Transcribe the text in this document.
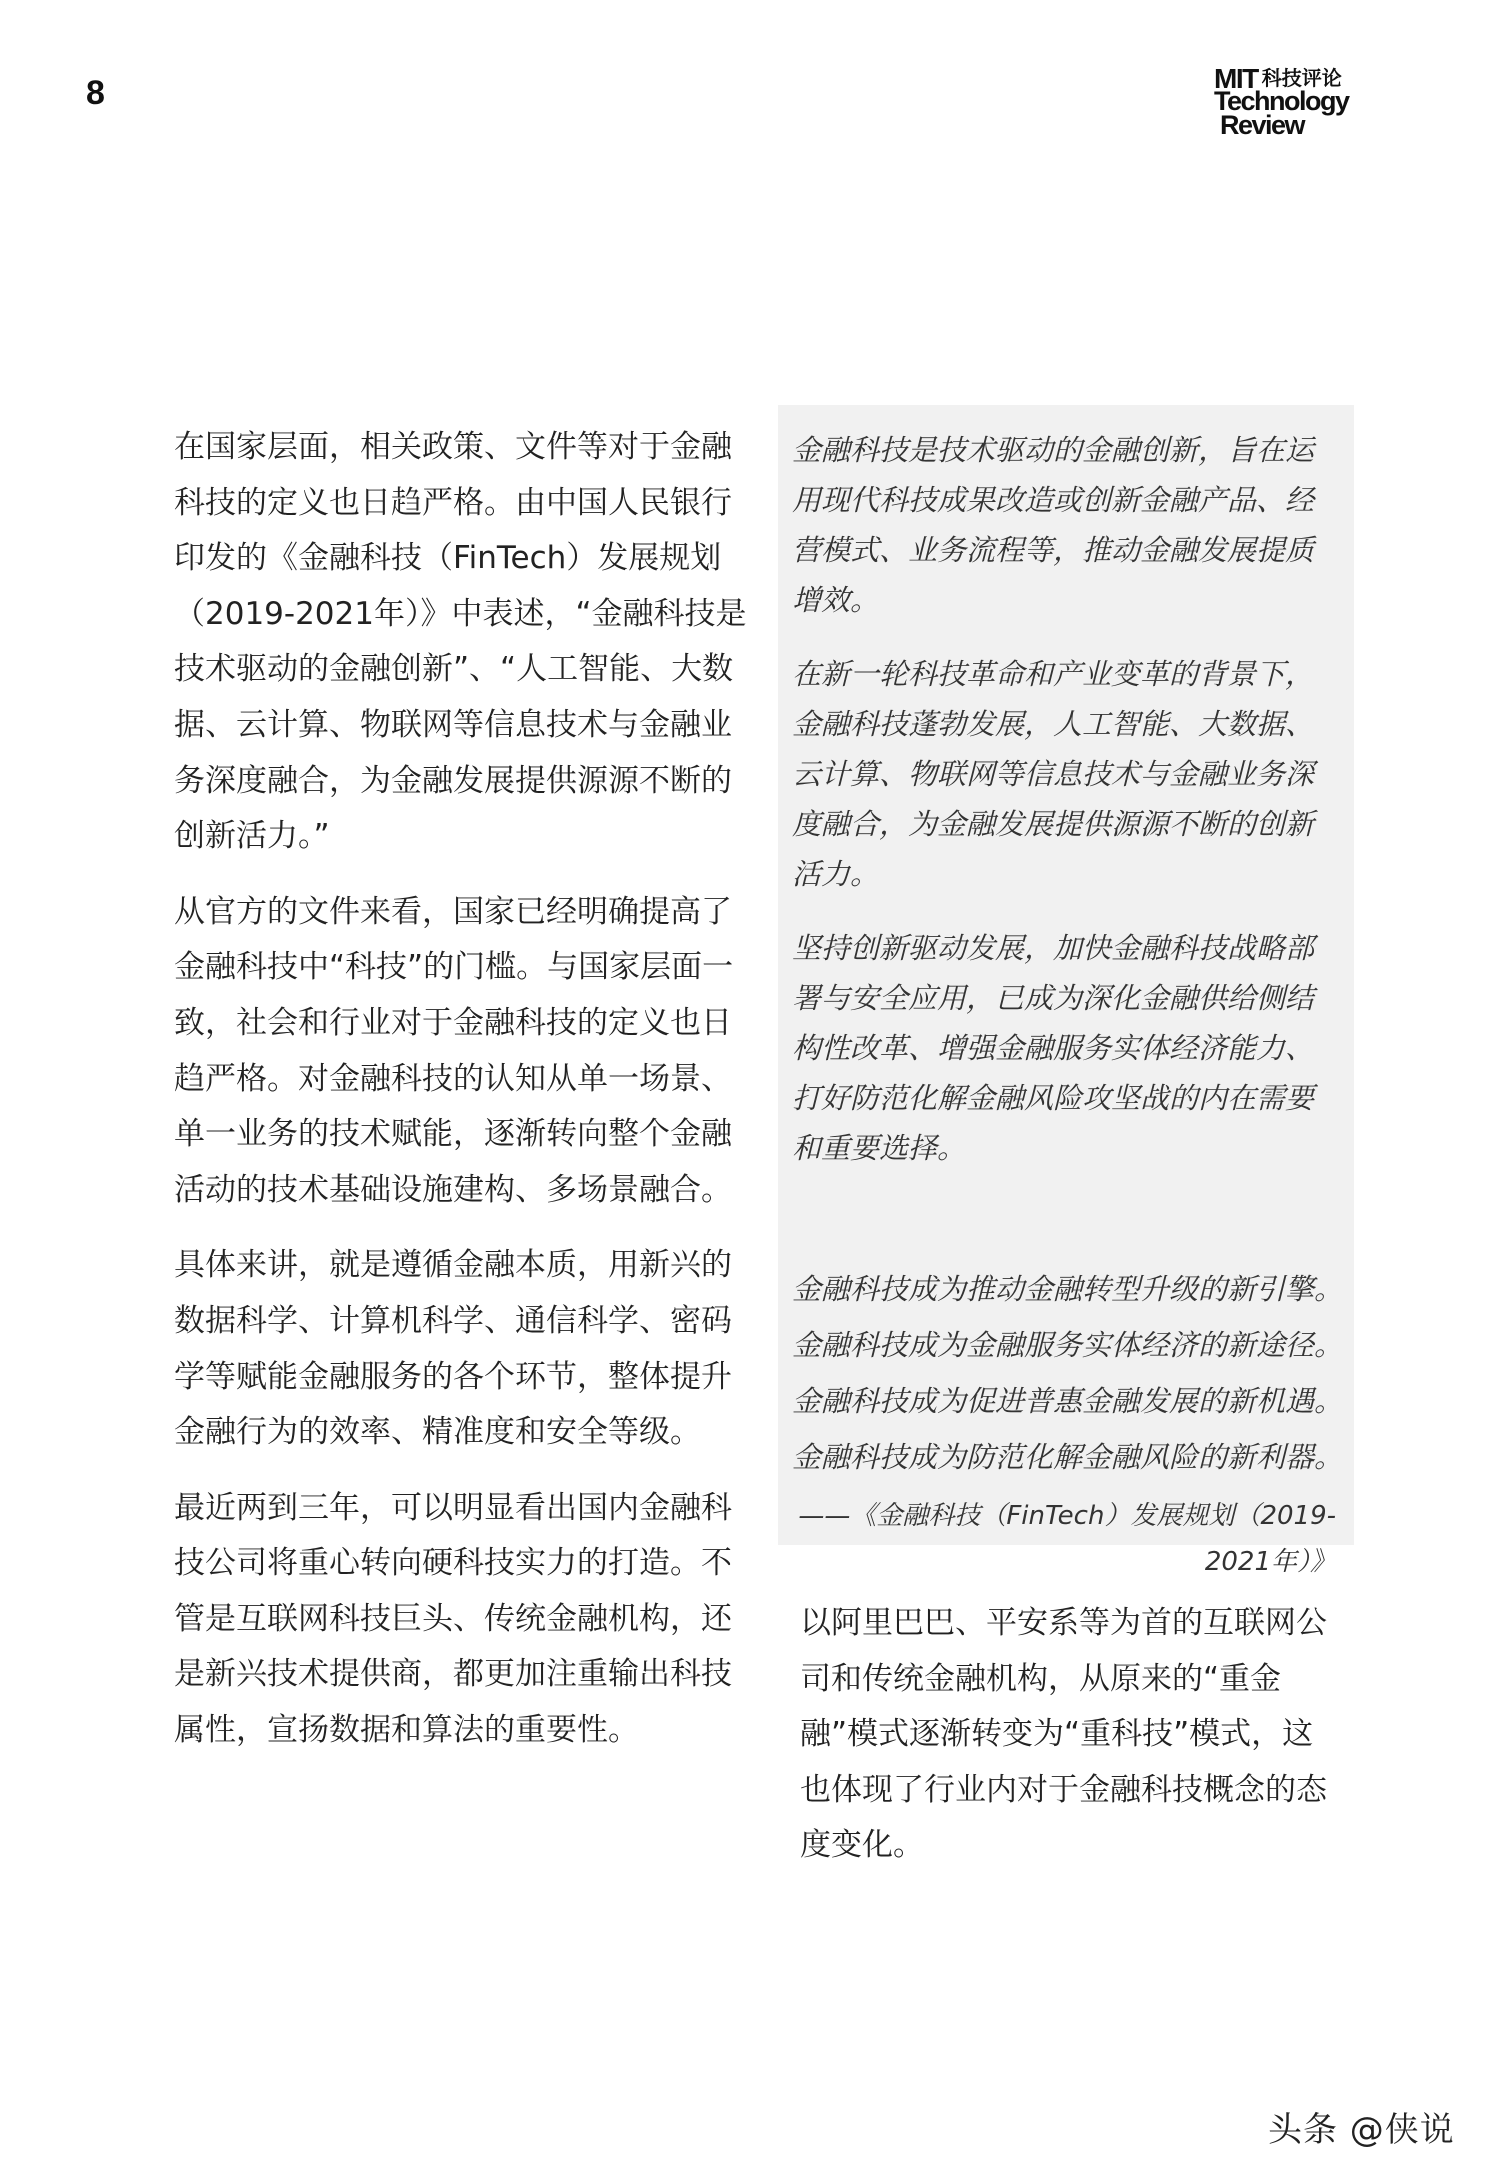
8	MIT 科技评论
Technology
Review

在国家层面，相关政策、文件等对于金融科技的定义也日趋严格。由中国人民银行印发的《金融科技（FinTech）发展规划（2019-2021年）》中表述，“金融科技是技术驱动的金融创新”、“人工智能、大数据、云计算、物联网等信息技术与金融业务深度融合，为金融发展提供源源不断的创新活力。”

从官方的文件来看，国家已经明确提高了金融科技中“科技”的门槛。与国家层面一致，社会和行业对于金融科技的定义也日趋严格。对金融科技的认知从单一场景、单一业务的技术赋能，逐渐转向整个金融活动的技术基础设施建构、多场景融合。

具体来讲，就是遵循金融本质，用新兴的数据科学、计算机科学、通信科学、密码学等赋能金融服务的各个环节，整体提升金融行为的效率、精准度和安全等级。

最近两到三年，可以明显看出国内金融科技公司将重心转向硬科技实力的打造。不管是互联网科技巨头、传统金融机构，还是新兴技术提供商，都更加注重输出科技属性，宣扬数据和算法的重要性。

金融科技是技术驱动的金融创新，旨在运用现代科技成果改造或创新金融产品、经营模式、业务流程等，推动金融发展提质增效。

在新一轮科技革命和产业变革的背景下，金融科技蓬勃发展，人工智能、大数据、云计算、物联网等信息技术与金融业务深度融合，为金融发展提供源源不断的创新活力。

坚持创新驱动发展，加快金融科技战略部署与安全应用，已成为深化金融供给侧结构性改革、增强金融服务实体经济能力、打好防范化解金融风险攻坚战的内在需要和重要选择。

金融科技成为推动金融转型升级的新引擎。
金融科技成为金融服务实体经济的新途径。
金融科技成为促进普惠金融发展的新机遇。
金融科技成为防范化解金融风险的新利器。
——《金融科技（FinTech）发展规划（2019-
2021年）》

以阿里巴巴、平安系等为首的互联网公司和传统金融机构，从原来的“重金融”模式逐渐转变为“重科技”模式，这也体现了行业内对于金融科技概念的态度变化。

头条 @侠说
